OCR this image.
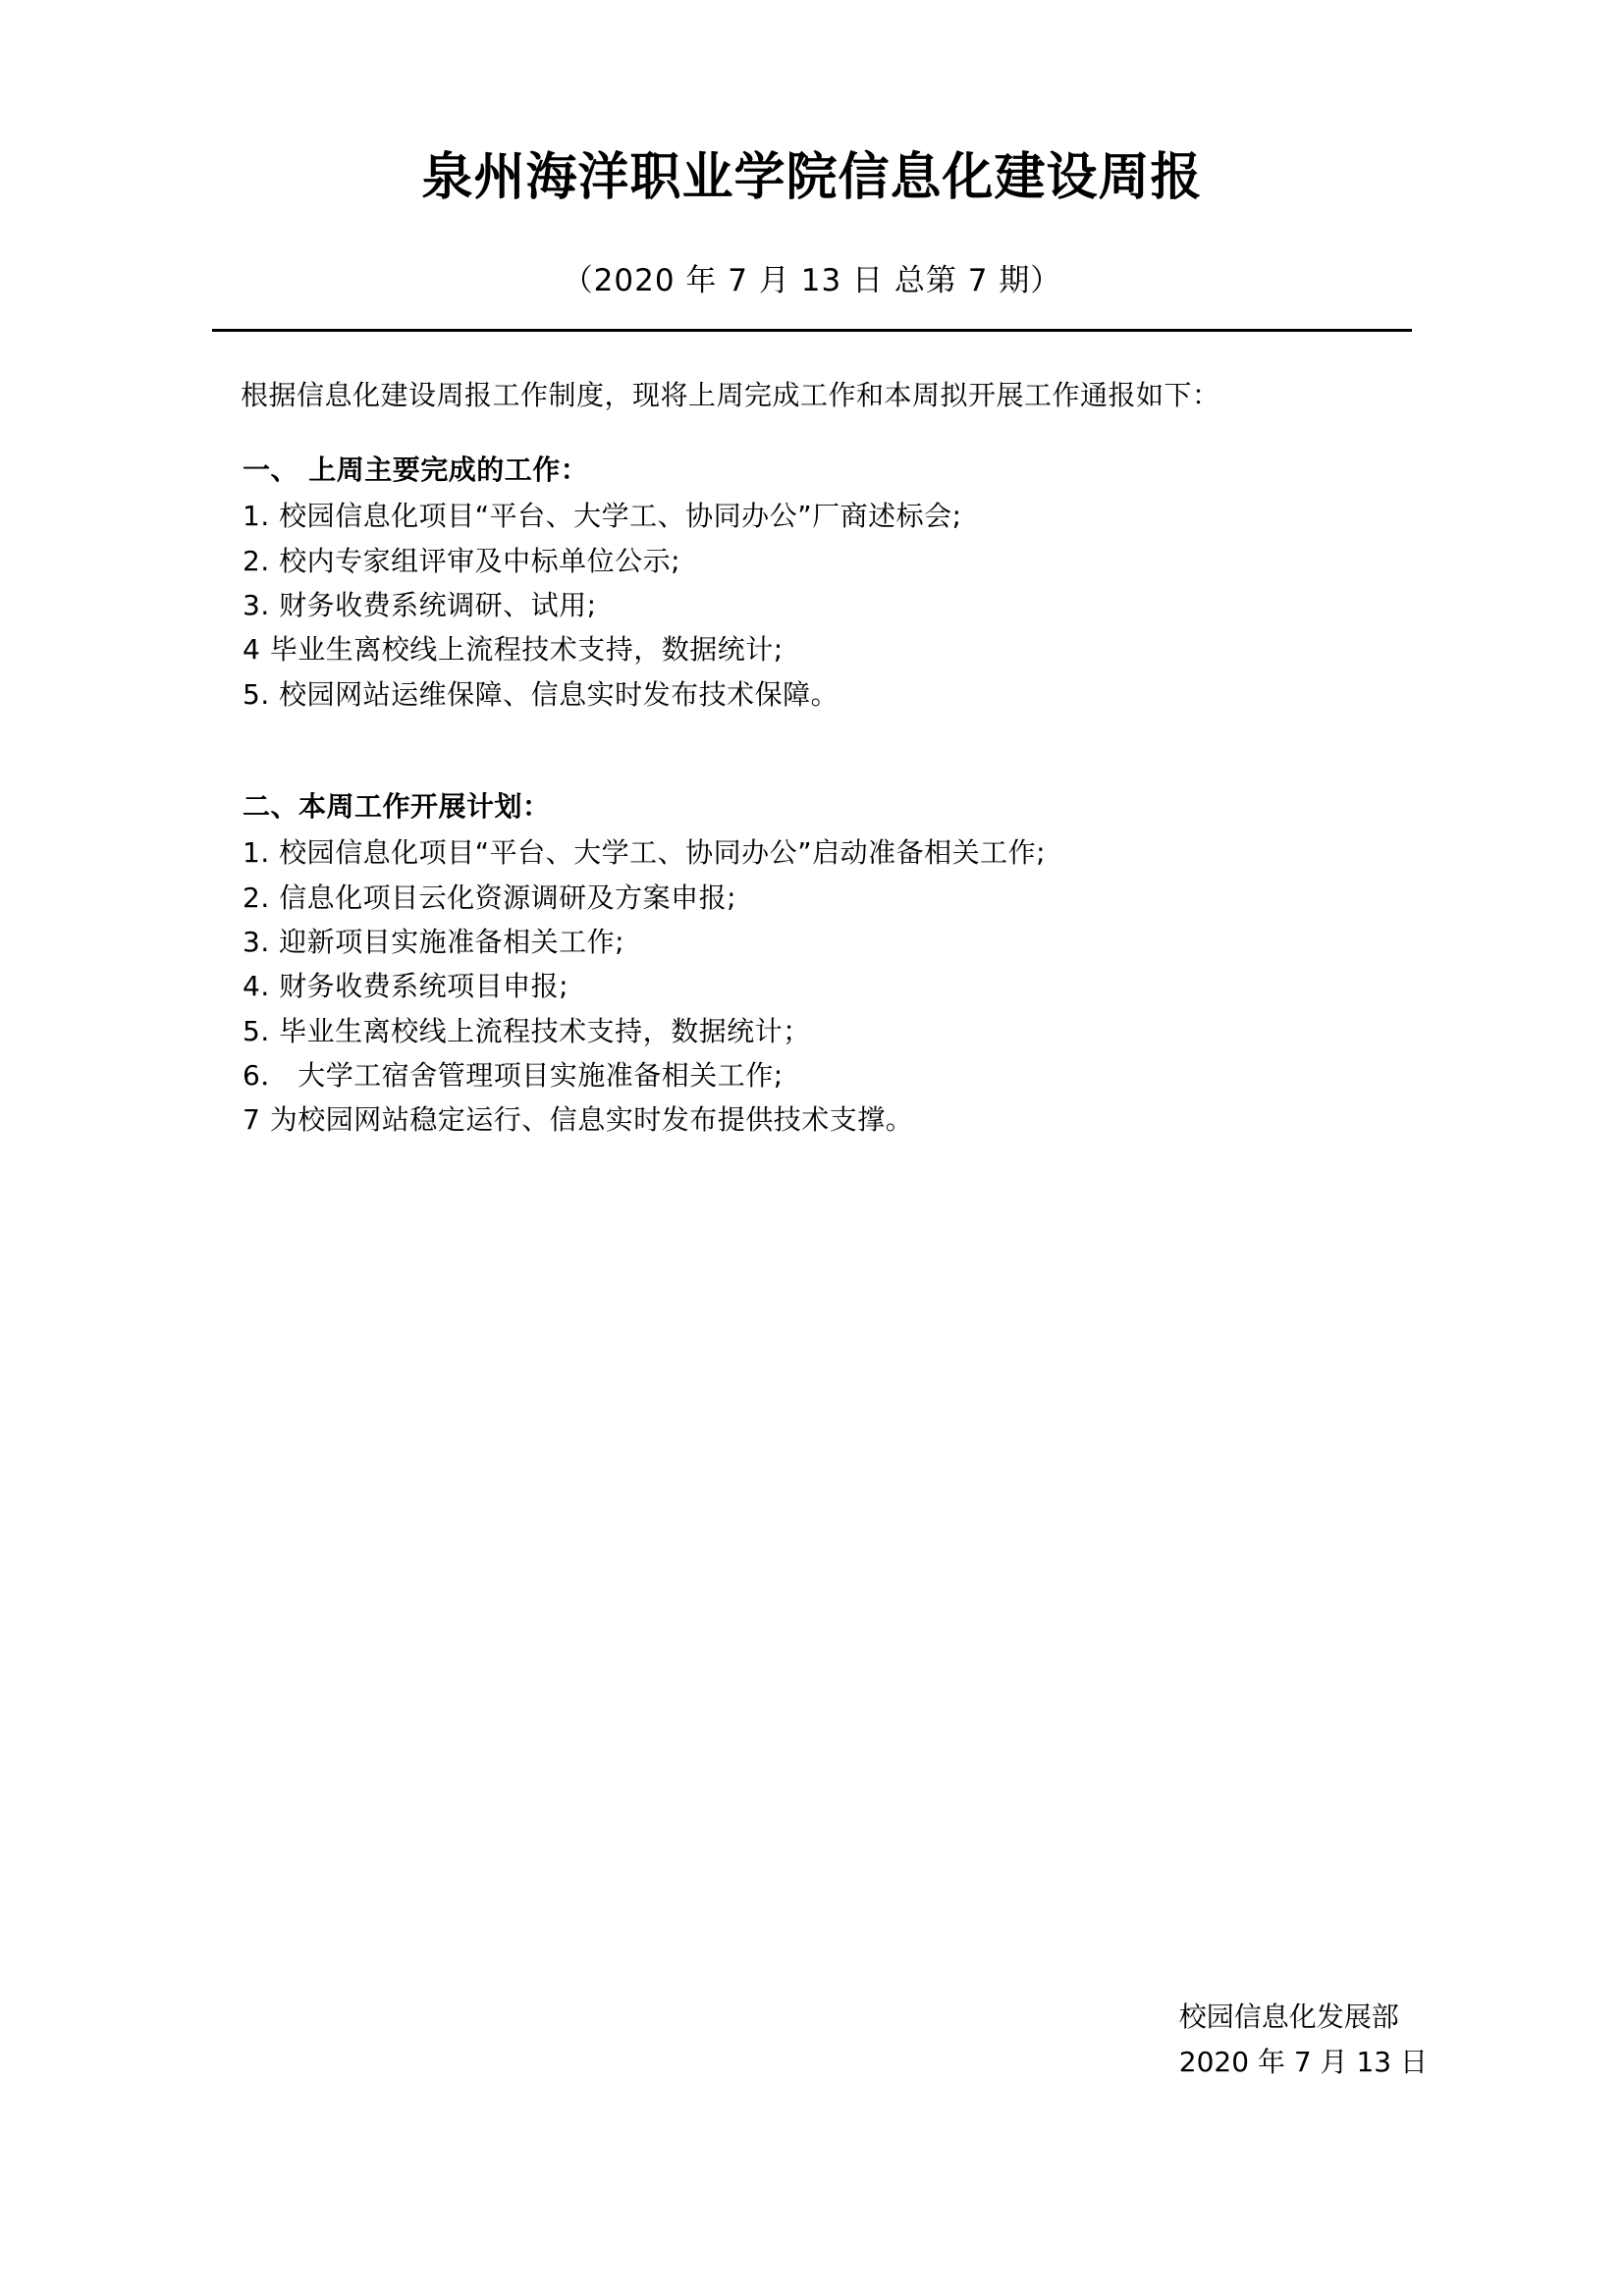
泉州海洋职业学院信息化建设周报
（2020 年 7 月 13 日 总第 7 期）

根据信息化建设周报工作制度，现将上周完成工作和本周拟开展工作通报如下：

一、 上周主要完成的工作：
1. 校园信息化项目“平台、大学工、协同办公”厂商述标会;
2. 校内专家组评审及中标单位公示;
3. 财务收费系统调研、试用;
4 毕业生离校线上流程技术支持，数据统计;
5. 校园网站运维保障、信息实时发布技术保障。
二、本周工作开展计划：
1. 校园信息化项目“平台、大学工、协同办公”启动准备相关工作;
2. 信息化项目云化资源调研及方案申报;
3. 迎新项目实施准备相关工作;
4. 财务收费系统项目申报;
5. 毕业生离校线上流程技术支持，数据统计；
6． 大学工宿舍管理项目实施准备相关工作;
7 为校园网站稳定运行、信息实时发布提供技术支撑。
校园信息化发展部
2020 年 7 月 13 日
